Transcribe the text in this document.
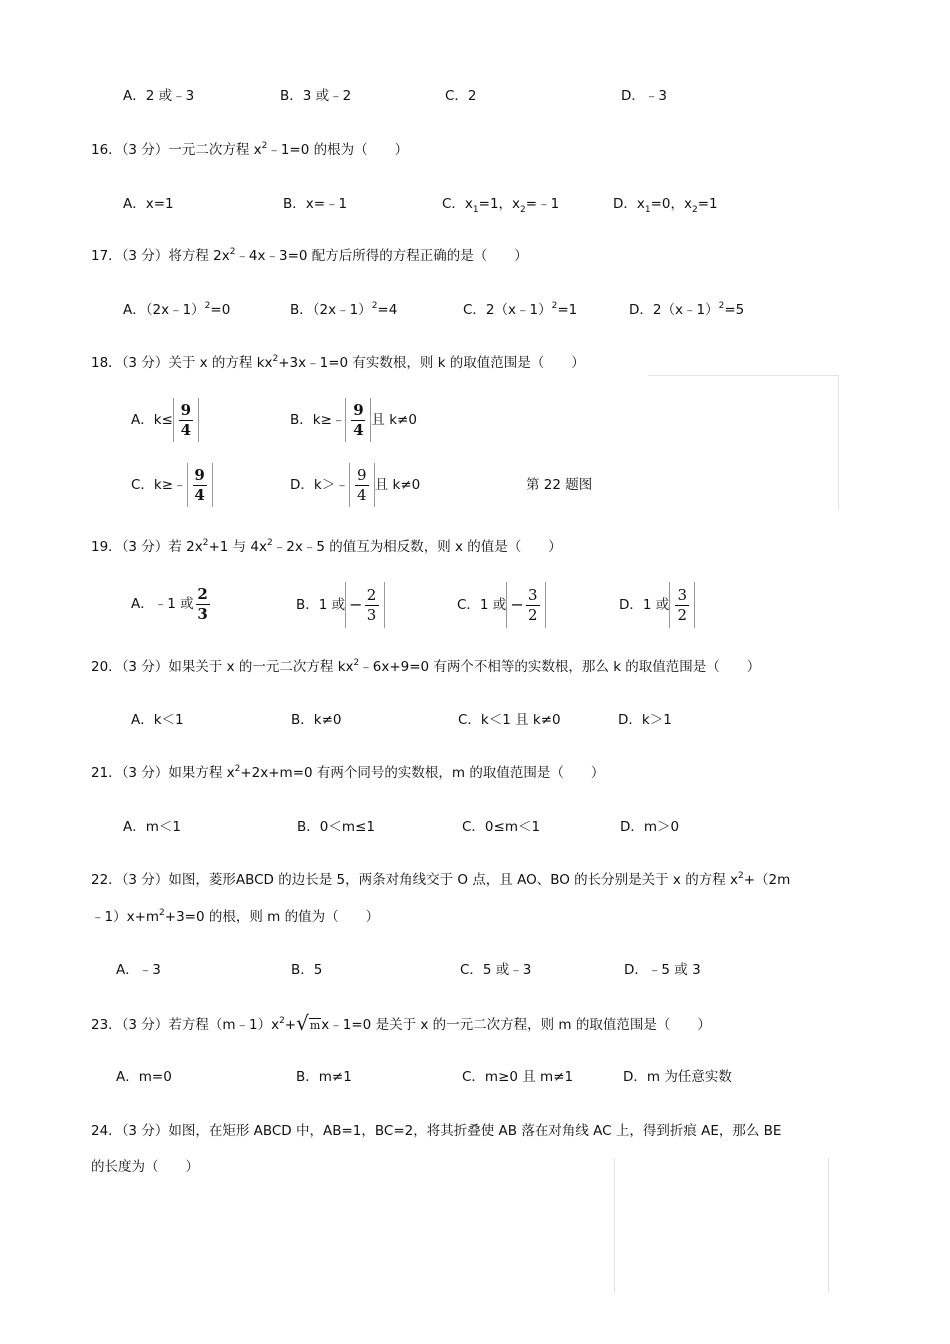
A．2 或﹣3	B．3 或﹣2	C．2	D．﹣3
16．（3 分）一元二次方程 $x^2﹣1=0$ 的根为（　　）
A．x=1	B．x=﹣1	C．$x_1=1$，$x_2=﹣1$	D．$x_1=0$，$x_2=1$
17．（3 分）将方程 $2x^2﹣4x﹣3=0$ 配方后所得的方程正确的是（　　）
A．（2x﹣1）$^2$=0	B．（2x﹣1）$^2$=4	C．2（x﹣1）$^2$=1	D．2（x﹣1）$^2$=5
18．（3 分）关于 x 的方程 $kx^2+3x﹣1=0$ 有实数根，则 k 的取值范围是（　　）
A．$k\le \frac{9}{4}$	B．k≥﹣ $\frac{9}{4}$ 且 k≠0
C．k≥﹣ $\frac{9}{4}$	D．k＞﹣ $\frac{9}{4}$ 且 k≠0	第 22 题图
19．（3 分）若 $2x^2+1$ 与 $4x^2﹣2x﹣5$ 的值互为相反数，则 x 的值是（　　）
A．﹣1 或 $\frac{2}{3}$	B．1 或 − $\frac{2}{3}$	C．1 或 − $\frac{3}{2}$	D．1 或 $\frac{3}{2}$
20．（3 分）如果关于 x 的一元二次方程 $kx^2﹣6x+9=0$ 有两个不相等的实数根，那么 k 的取值范围是（　　）
A．k＜1	B．k≠0	C．k＜1 且 k≠0	D．k＞1
21．（3 分）如果方程 $x^2+2x+m=0$ 有两个同号的实数根，m 的取值范围是（　　）
A．m＜1	B．0＜m≤1	C．0≤m＜1	D．m＞0
22．（3 分）如图，菱形ABCD 的边长是 5，两条对角线交于 O 点，且 AO、BO 的长分别是关于 x 的方程 $x^2+(2m$
$﹣1)x+m^2+3=0$ 的根，则 m 的值为（　　）
A．﹣3	B．5	C．5 或﹣3	D．﹣5 或 3
23．（3 分）若方程$(m﹣1)x^2+√mx﹣1=0$ 是关于 x 的一元二次方程，则 m 的取值范围是（　　）
A．m=0	B．m≠1	C．m≥0 且 m≠1	D．m 为任意实数
24．（3 分）如图，在矩形 ABCD 中，AB=1，BC=2，将其折叠使 AB 落在对角线 AC 上，得到折痕 AE，那么 BE
的长度为（　　）
